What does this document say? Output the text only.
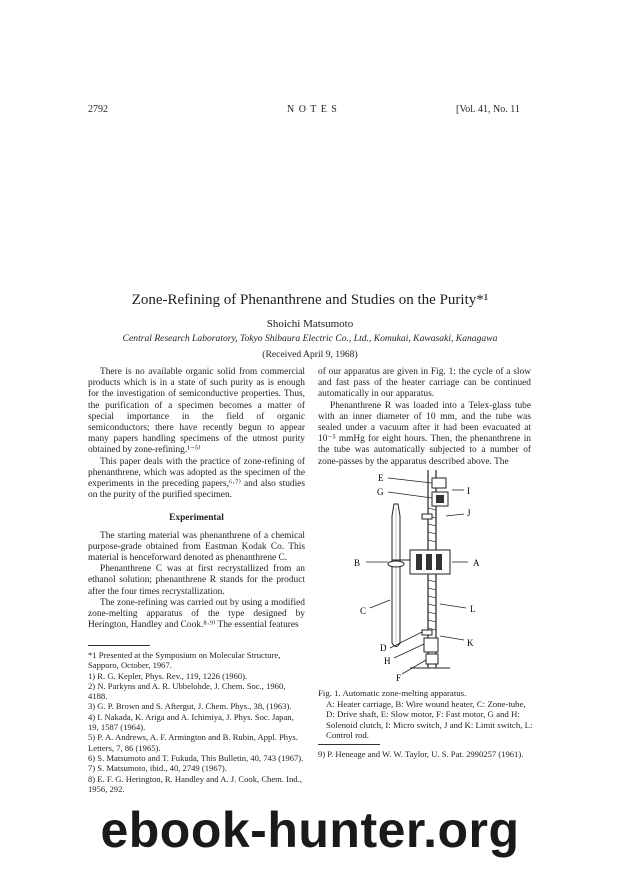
2792	N O T E S	[Vol. 41, No. 11
Zone-Refining of Phenanthrene and Studies on the Purity*¹
Shoichi Matsumoto
Central Research Laboratory, Tokyo Shibaura Electric Co., Ltd., Komukai, Kawasaki, Kanagawa
(Received April 9, 1968)

There is no available organic solid from commercial products which is in a state of such purity as is enough for the investigation of semiconductive properties. Thus, the purification of a specimen becomes a matter of special importance in the field of organic semiconductors; there have recently begun to appear many papers handling specimens of the utmost purity obtained by zone-refining.¹⁻⁵⁾

This paper deals with the practice of zone-refining of phenanthrene, which was adopted as the specimen of the experiments in the preceding papers,⁶·⁷⁾ and also studies on the purity of the purified specimen.

Experimental

The starting material was phenanthrene of a chemical purpose-grade obtained from Eastman Kodak Co. This material is henceforward denoted as phenanthrene C.

Phenanthrene C was at first recrystallized from an ethanol solution; phenanthrene R stands for the product after the four times recrystallization.

The zone-refining was carried out by using a modified zone-melting apparatus of the type designed by Herington, Handley and Cook.⁸·⁹⁾ The essential features

*1 Presented at the Symposium on Molecular Structure, Sapporo, October, 1967.
1) R. G. Kepler, Phys. Rev., 119, 1226 (1960).
2) N. Parkyns and A. R. Ubbelohde, J. Chem. Soc., 1960, 4188.
3) G. P. Brown and S. Aftergut, J. Chem. Phys., 38, (1963).
4) I. Nakada, K. Ariga and A. Ichimiya, J. Phys. Soc. Japan, 19, 1587 (1964).
5) P. A. Andrews, A. F. Armington and B. Rubin, Appl. Phys. Letters, 7, 86 (1965).
6) S. Matsumoto and T. Fukuda, This Bulletin, 40, 743 (1967).
7) S. Matsumoto, ibid., 40, 2749 (1967).
8) E. F. G. Herington, R. Handley and A. J. Cook, Chem. Ind., 1956, 292.

of our apparatus are given in Fig. 1: the cycle of a slow and fast pass of the heater carriage can be continued automatically in our apparatus.

Phenanthrene R was loaded into a Telex-glass tube with an inner diameter of 10 mm, and the tube was sealed under a vacuum after it had been evacuated at 10⁻⁵ mmHg for eight hours. Then, the phenanthrene in the tube was automatically subjected to a number of zone-passes by the apparatus described above. The

E
G	I
J
B	A
C	L
D
H
K
F

Fig. 1. Automatic zone-melting apparatus.

A: Heater carriage, B: Wire wound heater, C: Zone-tube, D: Drive shaft, E: Slow motor, F: Fast motor, G and H: Solenoid clutch, I: Micro switch, J and K: Limit switch, L: Control rod.

9) P. Heneage and W. W. Taylor, U. S. Pat. 2990257 (1961).
ebook-hunter.org
